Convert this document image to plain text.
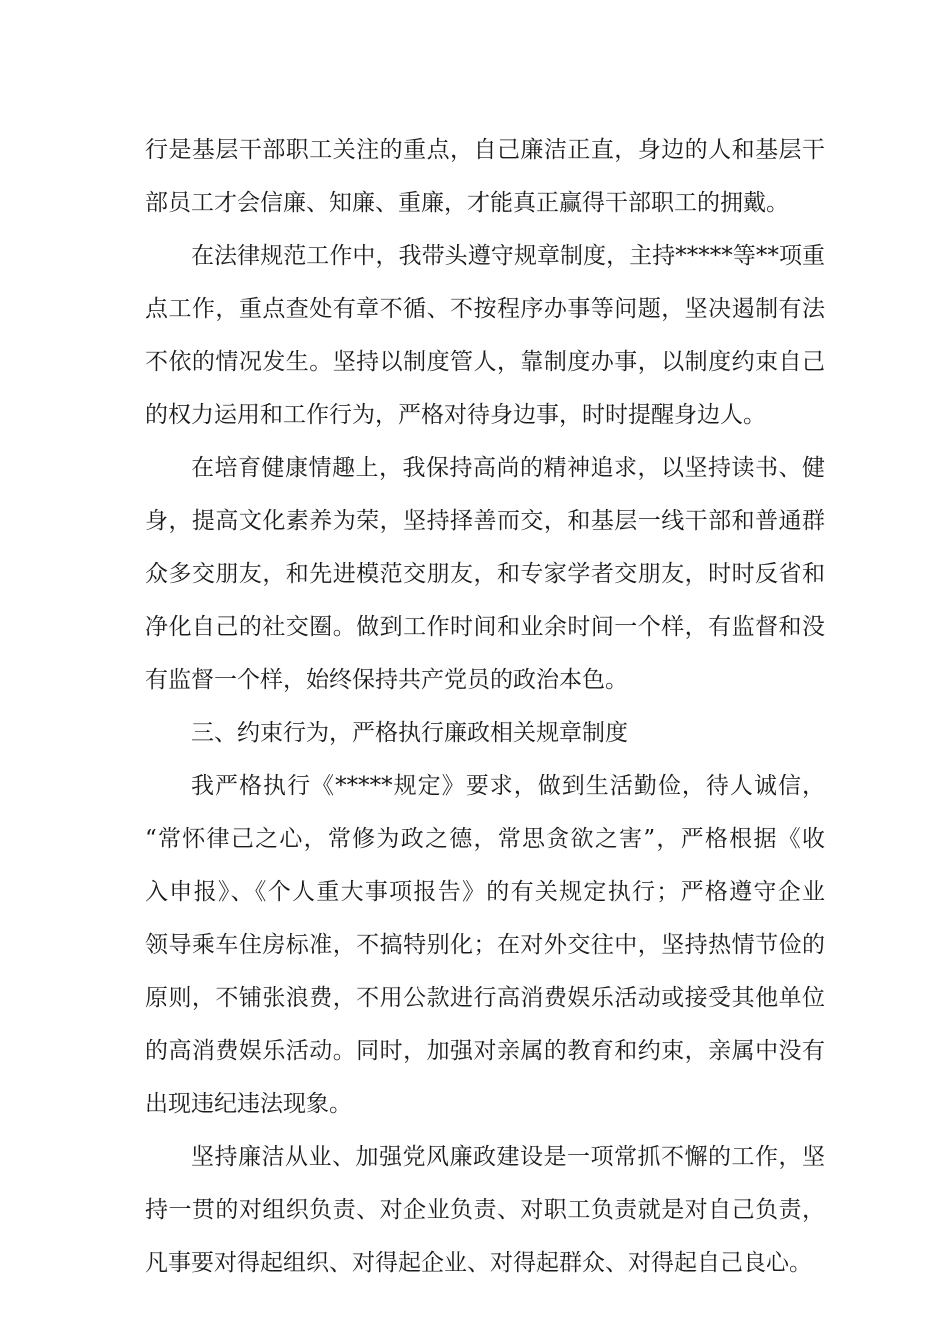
行是基层干部职工关注的重点，自己廉洁正直，身边的人和基层干
部员工才会信廉、知廉、重廉，才能真正赢得干部职工的拥戴。
在法律规范工作中，我带头遵守规章制度，主持*****等**项重
点工作，重点查处有章不循、不按程序办事等问题，坚决遏制有法
不依的情况发生。坚持以制度管人，靠制度办事，以制度约束自己
的权力运用和工作行为，严格对待身边事，时时提醒身边人。
在培育健康情趣上，我保持高尚的精神追求，以坚持读书、健
身，提高文化素养为荣，坚持择善而交，和基层一线干部和普通群
众多交朋友，和先进模范交朋友，和专家学者交朋友，时时反省和
净化自己的社交圈。做到工作时间和业余时间一个样，有监督和没
有监督一个样，始终保持共产党员的政治本色。
三、约束行为，严格执行廉政相关规章制度
我严格执行《*****规定》要求，做到生活勤俭，待人诚信，
“常怀律己之心，常修为政之德，常思贪欲之害”，严格根据《收
入申报》、《个人重大事项报告》的有关规定执行；严格遵守企业
领导乘车住房标准，不搞特别化；在对外交往中，坚持热情节俭的
原则，不铺张浪费，不用公款进行高消费娱乐活动或接受其他单位
的高消费娱乐活动。同时，加强对亲属的教育和约束，亲属中没有
出现违纪违法现象。
坚持廉洁从业、加强党风廉政建设是一项常抓不懈的工作，坚
持一贯的对组织负责、对企业负责、对职工负责就是对自己负责，
凡事要对得起组织、对得起企业、对得起群众、对得起自己良心。
